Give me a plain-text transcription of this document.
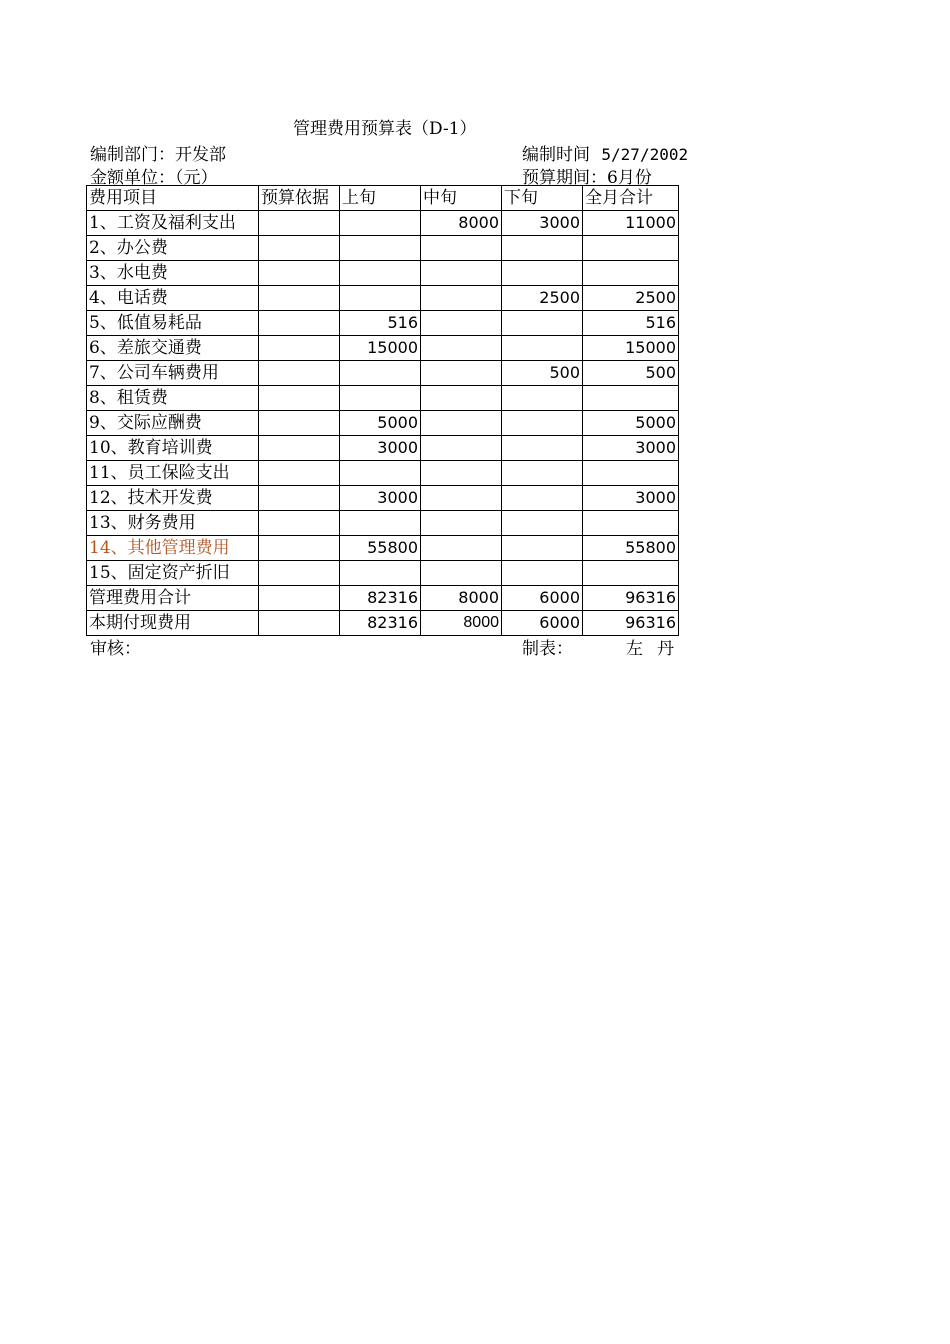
管理费用预算表（D-1）
编制部门：开发部	编制时间 5/27/2002
金额单位：（元）	预算期间：6月份
费用项目	预算依据	上旬	中旬	下旬	全月合计
1、工资及福利支出			8000	3000	11000
2、办公费					
3、水电费					
4、电话费				2500	2500
5、低值易耗品		516			516
6、差旅交通费		15000			15000
7、公司车辆费用				500	500
8、租赁费					
9、交际应酬费		5000			5000
10、教育培训费		3000			3000
11、员工保险支出					
12、技术开发费		3000			3000
13、财务费用					
14、其他管理费用		55800			55800
15、固定资产折旧					
管理费用合计		82316	8000	6000	96316
本期付现费用		82316	8000	6000	96316
审核：	制表：	左丹
